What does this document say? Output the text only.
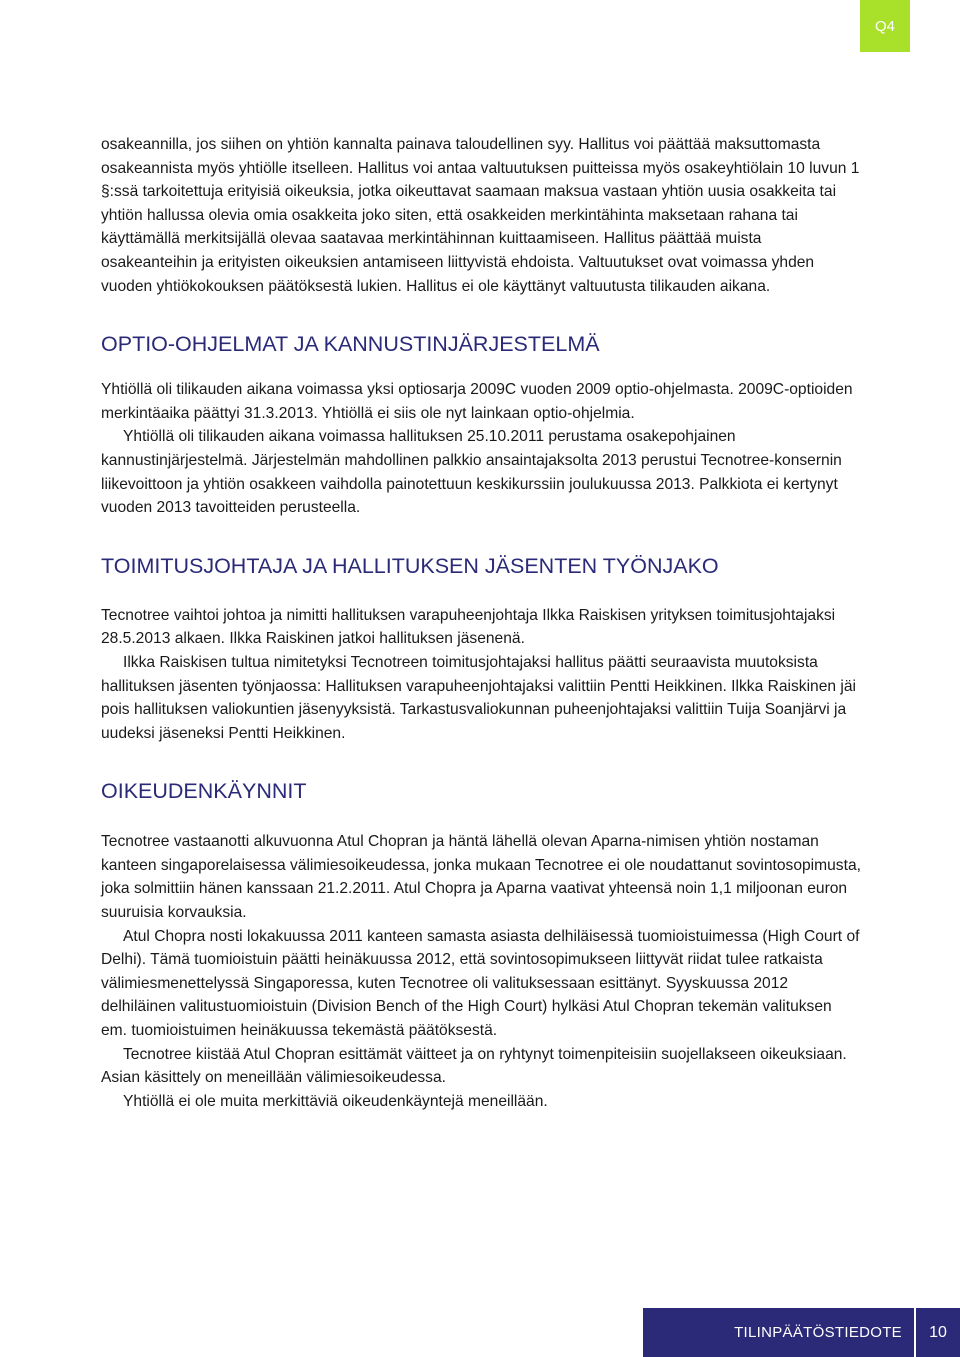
Q4

osakeannilla, jos siihen on yhtiön kannalta painava taloudellinen syy. Hallitus voi päättää maksuttomasta osakeannista myös yhtiölle itselleen. Hallitus voi antaa valtuutuksen puitteissa myös osakeyhtiölain 10 luvun 1 §:ssä tarkoitettuja erityisiä oikeuksia, jotka oikeuttavat saamaan maksua vastaan yhtiön uusia osakkeita tai yhtiön hallussa olevia omia osakkeita joko siten, että osakkeiden merkintähinta maksetaan rahana tai käyttämällä merkitsijällä olevaa saatavaa merkintähinnan kuittaamiseen. Hallitus päättää muista osakeanteihin ja erityisten oikeuksien antamiseen liittyvistä ehdoista. Valtuutukset ovat voimassa yhden vuoden yhtiökokouksen päätöksestä lukien. Hallitus ei ole käyttänyt valtuutusta tilikauden aikana.

OPTIO-OHJELMAT JA KANNUSTINJÄRJESTELMÄ

Yhtiöllä oli tilikauden aikana voimassa yksi optiosarja 2009C vuoden 2009 optio-ohjelmasta. 2009C-optioiden merkintäaika päättyi 31.3.2013. Yhtiöllä ei siis ole nyt lainkaan optio-ohjelmia.

Yhtiöllä oli tilikauden aikana voimassa hallituksen 25.10.2011 perustama osakepohjainen kannustinjärjestelmä. Järjestelmän mahdollinen palkkio ansaintajaksolta 2013 perustui Tecnotree-konsernin liikevoittoon ja yhtiön osakkeen vaihdolla painotettuun keskikurssiin joulukuussa 2013. Palkkiota ei kertynyt vuoden 2013 tavoitteiden perusteella.

TOIMITUSJOHTAJA JA HALLITUKSEN JÄSENTEN TYÖNJAKO

Tecnotree vaihtoi johtoa ja nimitti hallituksen varapuheenjohtaja Ilkka Raiskisen yrityksen toimitusjohtajaksi 28.5.2013 alkaen. Ilkka Raiskinen jatkoi hallituksen jäsenenä.

Ilkka Raiskisen tultua nimitetyksi Tecnotreen toimitusjohtajaksi hallitus päätti seuraavista muutoksista hallituksen jäsenten työnjaossa: Hallituksen varapuheenjohtajaksi valittiin Pentti Heikkinen. Ilkka Raiskinen jäi pois hallituksen valiokuntien jäsenyyksistä. Tarkastusvaliokunnan puheenjohtajaksi valittiin Tuija Soanjärvi ja uudeksi jäseneksi Pentti Heikkinen.

OIKEUDENKÄYNNIT

Tecnotree vastaanotti alkuvuonna Atul Chopran ja häntä lähellä olevan Aparna-nimisen yhtiön nostaman kanteen singaporelaisessa välimiesoikeudessa, jonka mukaan Tecnotree ei ole noudattanut sovintosopimusta, joka solmittiin hänen kanssaan 21.2.2011. Atul Chopra ja Aparna vaativat yhteensä noin 1,1 miljoonan euron suuruisia korvauksia.

Atul Chopra nosti lokakuussa 2011 kanteen samasta asiasta delhiläisessä tuomioistuimessa (High Court of Delhi). Tämä tuomioistuin päätti heinäkuussa 2012, että sovintosopimukseen liittyvät riidat tulee ratkaista välimiesmenettelyssä Singaporessa, kuten Tecnotree oli valituksessaan esittänyt. Syyskuussa 2012 delhiläinen valitustuomioistuin (Division Bench of the High Court) hylkäsi Atul Chopran tekemän valituksen em. tuomioistuimen heinäkuussa tekemästä päätöksestä.

Tecnotree kiistää Atul Chopran esittämät väitteet ja on ryhtynyt toimenpiteisiin suojellakseen oikeuksiaan. Asian käsittely on meneillään välimiesoikeudessa.

Yhtiöllä ei ole muita merkittäviä oikeudenkäyntejä meneillään.

TILINPÄÄTÖSTIEDOTE	10
